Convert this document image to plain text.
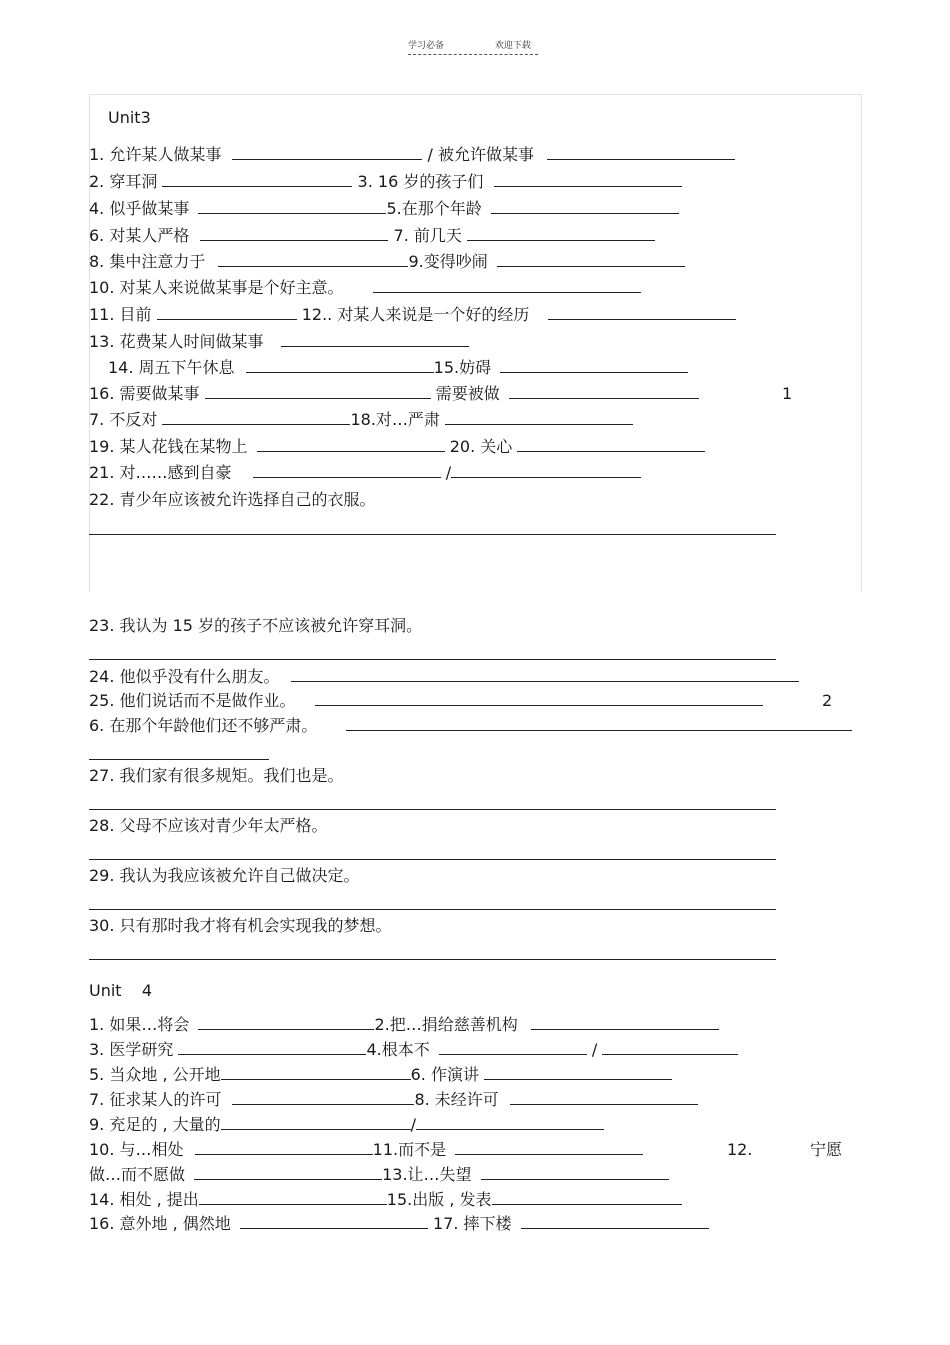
学习必备	欢迎下载
Unit3
1. 允许某人做某事	/ 被允许做某事
2. 穿耳洞	3. 16 岁的孩子们
4. 似乎做某事	5.在那个年龄
6. 对某人严格	7. 前几天
8. 集中注意力于	9.变得吵闹
10. 对某人来说做某事是个好主意。
11. 目前	12.. 对某人来说是一个好的经历
13. 花费某人时间做某事
14. 周五下午休息	15.妨碍
16. 需要做某事	需要被做	1
7. 不反对	18.对…严肃
19. 某人花钱在某物上	20. 关心
21. 对……感到自豪	/
22. 青少年应该被允许选择自己的衣服。
23. 我认为 15 岁的孩子不应该被允许穿耳洞。
24. 他似乎没有什么朋友。
25. 他们说话而不是做作业。	2
6. 在那个年龄他们还不够严肃。
27. 我们家有很多规矩。我们也是。
28. 父母不应该对青少年太严格。
29. 我认为我应该被允许自己做决定。
30. 只有那时我才将有机会实现我的梦想。
Unit    4
1. 如果…将会	2.把…捐给慈善机构
3. 医学研究	4.根本不	/
5. 当众地 , 公开地	6. 作演讲
7. 征求某人的许可	8. 未经许可
9. 充足的 , 大量的	/
10. 与…相处	11.而不是	12.	宁愿
做…而不愿做	13.让…失望
14. 相处 , 提出	15.出版 , 发表
16. 意外地 , 偶然地	17. 摔下楼
